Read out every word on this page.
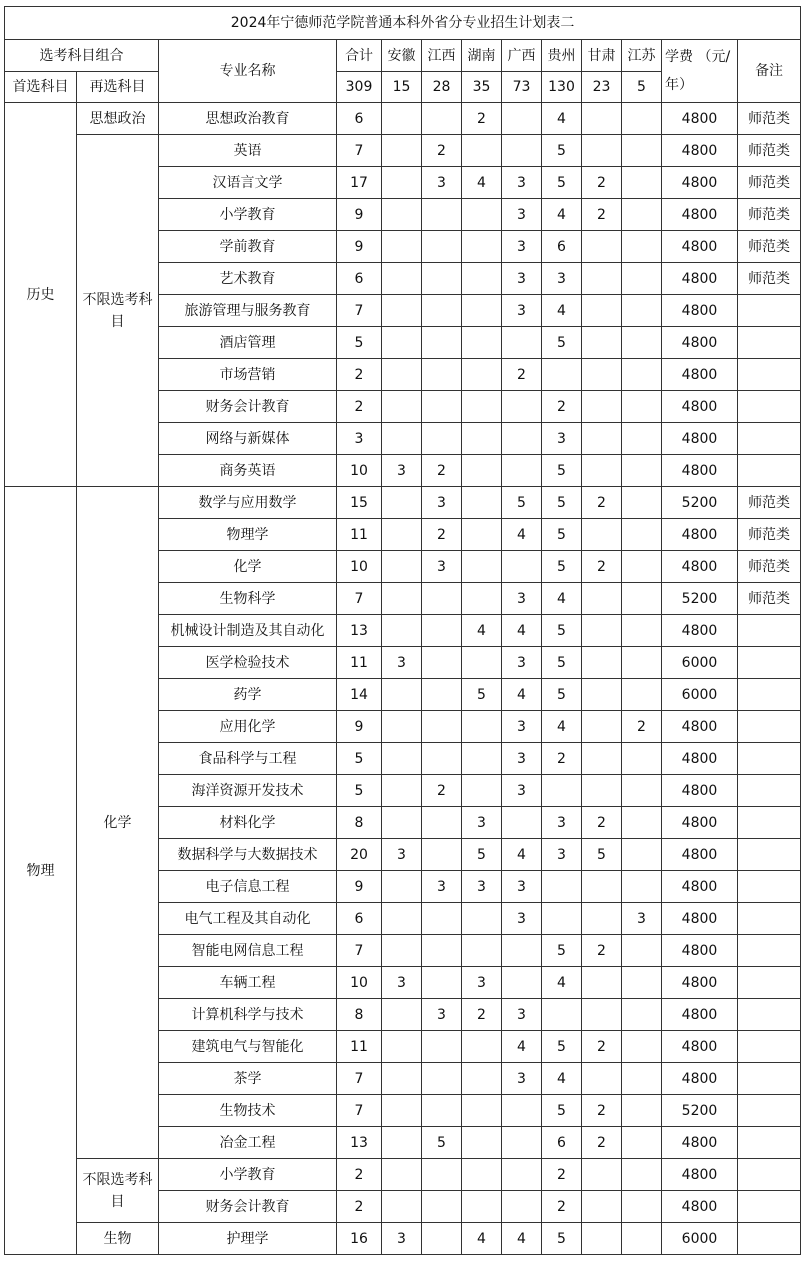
2024年宁德师范学院普通本科外省分专业招生计划表二												
选考科目组合		专业名称	合计	安徽	江西	湖南	广西	贵州	甘肃	江苏	学费 （元/年）	备注
首选科目	再选科目		309	15	28	35	73	130	23	5		
历史	思想政治	思想政治教育	6			2		4			4800	师范类
	不限选考科目	英语	7		2			5			4800	师范类
		汉语言文学	17		3	4	3	5	2		4800	师范类
		小学教育	9				3	4	2		4800	师范类
		学前教育	9				3	6			4800	师范类
		艺术教育	6				3	3			4800	师范类
		旅游管理与服务教育	7				3	4			4800	
		酒店管理	5					5			4800	
		市场营销	2				2				4800	
		财务会计教育	2					2			4800	
		网络与新媒体	3					3			4800	
		商务英语	10	3	2			5			4800	
物理	化学	数学与应用数学	15		3		5	5	2		5200	师范类
		物理学	11		2		4	5			4800	师范类
		化学	10		3			5	2		4800	师范类
		生物科学	7				3	4			5200	师范类
		机械设计制造及其自动化	13			4	4	5			4800	
		医学检验技术	11	3			3	5			6000	
		药学	14			5	4	5			6000	
		应用化学	9				3	4		2	4800	
		食品科学与工程	5				3	2			4800	
		海洋资源开发技术	5		2		3				4800	
		材料化学	8			3		3	2		4800	
		数据科学与大数据技术	20	3		5	4	3	5		4800	
		电子信息工程	9		3	3	3				4800	
		电气工程及其自动化	6				3			3	4800	
		智能电网信息工程	7					5	2		4800	
		车辆工程	10	3		3		4			4800	
		计算机科学与技术	8		3	2	3				4800	
		建筑电气与智能化	11				4	5	2		4800	
		茶学	7				3	4			4800	
		生物技术	7					5	2		5200	
		冶金工程	13		5			6	2		4800	
	不限选考科目	小学教育	2					2			4800	
		财务会计教育	2					2			4800	
	生物	护理学	16	3		4	4	5			6000	
